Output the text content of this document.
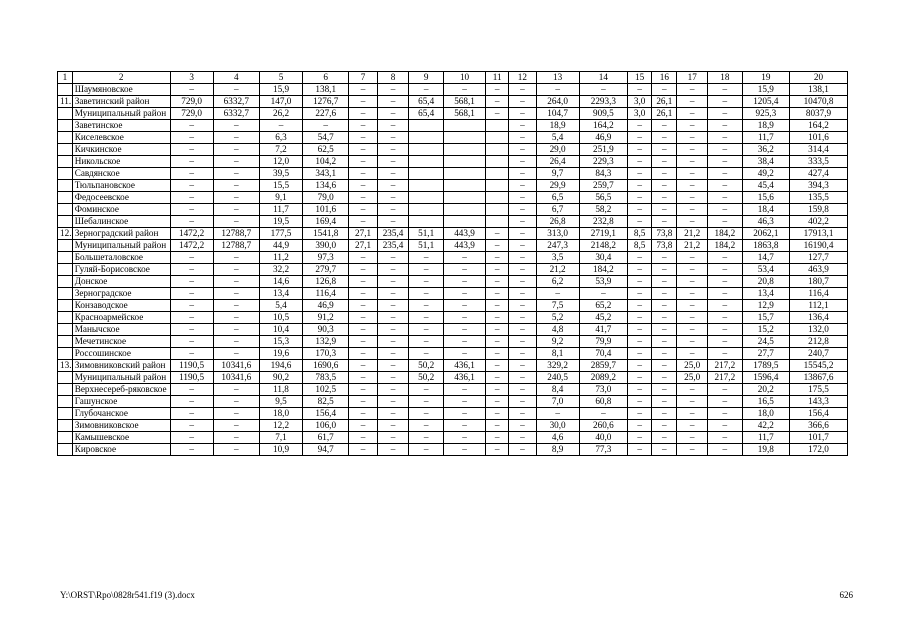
1	2	3	4	5	6	7	8	9	10	11	12	13	14	15	16	17	18	19	20
	Шаумяновское	–	–	15,9	138,1	–	–	–	–	–	–	–	–	–	–	–	–	15,9	138,1
11.	Заветинский район	729,0	6332,7	147,0	1276,7	–	–	65,4	568,1	–	–	264,0	2293,3	3,0	26,1	–	–	1205,4	10470,8
	Муниципальный район	729,0	6332,7	26,2	227,6	–	–	65,4	568,1	–	–	104,7	909,5	3,0	26,1	–	–	925,3	8037,9
	Заветинское	–	–	–	–	–	–				–	18,9	164,2	–	–	–	–	18,9	164,2
	Киселевское	–	–	6,3	54,7	–	–				–	5,4	46,9	–	–	–	–	11,7	101,6
	Кичкинское	–	–	7,2	62,5	–	–				–	29,0	251,9	–	–	–	–	36,2	314,4
	Никольское	–	–	12,0	104,2	–	–				–	26,4	229,3	–	–	–	–	38,4	333,5
	Савдянское	–	–	39,5	343,1	–	–				–	9,7	84,3	–	–	–	–	49,2	427,4
	Тюльпановское	–	–	15,5	134,6	–	–				–	29,9	259,7	–	–	–	–	45,4	394,3
	Федосеевское	–	–	9,1	79,0	–	–				–	6,5	56,5	–	–	–	–	15,6	135,5
	Фоминское	–	–	11,7	101,6	–	–				–	6,7	58,2	–	–	–	–	18,4	159,8
	Шебалинское	–	–	19,5	169,4	–	–				–	26,8	232,8	–	–	–	–	46,3	402,2
12.	Зерноградский район	1472,2	12788,7	177,5	1541,8	27,1	235,4	51,1	443,9	–	–	313,0	2719,1	8,5	73,8	21,2	184,2	2062,1	17913,1
	Муниципальный район	1472,2	12788,7	44,9	390,0	27,1	235,4	51,1	443,9	–	–	247,3	2148,2	8,5	73,8	21,2	184,2	1863,8	16190,4
	Большеталовское	–	–	11,2	97,3	–	–	–	–	–	–	3,5	30,4	–	–	–	–	14,7	127,7
	Гуляй-Борисовское	–	–	32,2	279,7	–	–	–	–	–	–	21,2	184,2	–	–	–	–	53,4	463,9
	Донское	–	–	14,6	126,8	–	–	–	–	–	–	6,2	53,9	–	–	–	–	20,8	180,7
	Зерноградское	–	–	13,4	116,4	–	–	–	–	–	–	–	–	–	–	–	–	13,4	116,4
	Конзаводское	–	–	5,4	46,9	–	–	–	–	–	–	7,5	65,2	–	–	–	–	12,9	112,1
	Красноармейское	–	–	10,5	91,2	–	–	–	–	–	–	5,2	45,2	–	–	–	–	15,7	136,4
	Манычское	–	–	10,4	90,3	–	–	–	–	–	–	4,8	41,7	–	–	–	–	15,2	132,0
	Мечетинское	–	–	15,3	132,9	–	–	–	–	–	–	9,2	79,9	–	–	–	–	24,5	212,8
	Россошинское	–	–	19,6	170,3	–	–	–	–	–	–	8,1	70,4	–	–	–	–	27,7	240,7
13.	Зимовниковский район	1190,5	10341,6	194,6	1690,6	–	–	50,2	436,1	–	–	329,2	2859,7	–	–	25,0	217,2	1789,5	15545,2
	Муниципальный район	1190,5	10341,6	90,2	783,5	–	–	50,2	436,1	–	–	240,5	2089,2	–	–	25,0	217,2	1596,4	13867,6
	Верхнесереб-ряковское	–	–	11,8	102,5	–	–	–	–	–	–	8,4	73,0	–	–	–	–	20,2	175,5
	Гашунское	–	–	9,5	82,5	–	–	–	–	–	–	7,0	60,8	–	–	–	–	16,5	143,3
	Глубочанское	–	–	18,0	156,4	–	–	–	–	–	–	–	–	–	–	–	–	18,0	156,4
	Зимовниковское	–	–	12,2	106,0	–	–	–	–	–	–	30,0	260,6	–	–	–	–	42,2	366,6
	Камышевское	–	–	7,1	61,7	–	–	–	–	–	–	4,6	40,0	–	–	–	–	11,7	101,7
	Кировское	–	–	10,9	94,7	–	–	–	–	–	–	8,9	77,3	–	–	–	–	19,8	172,0
Y:\ORST\Rpo\0828r541.f19 (3).docx	626
